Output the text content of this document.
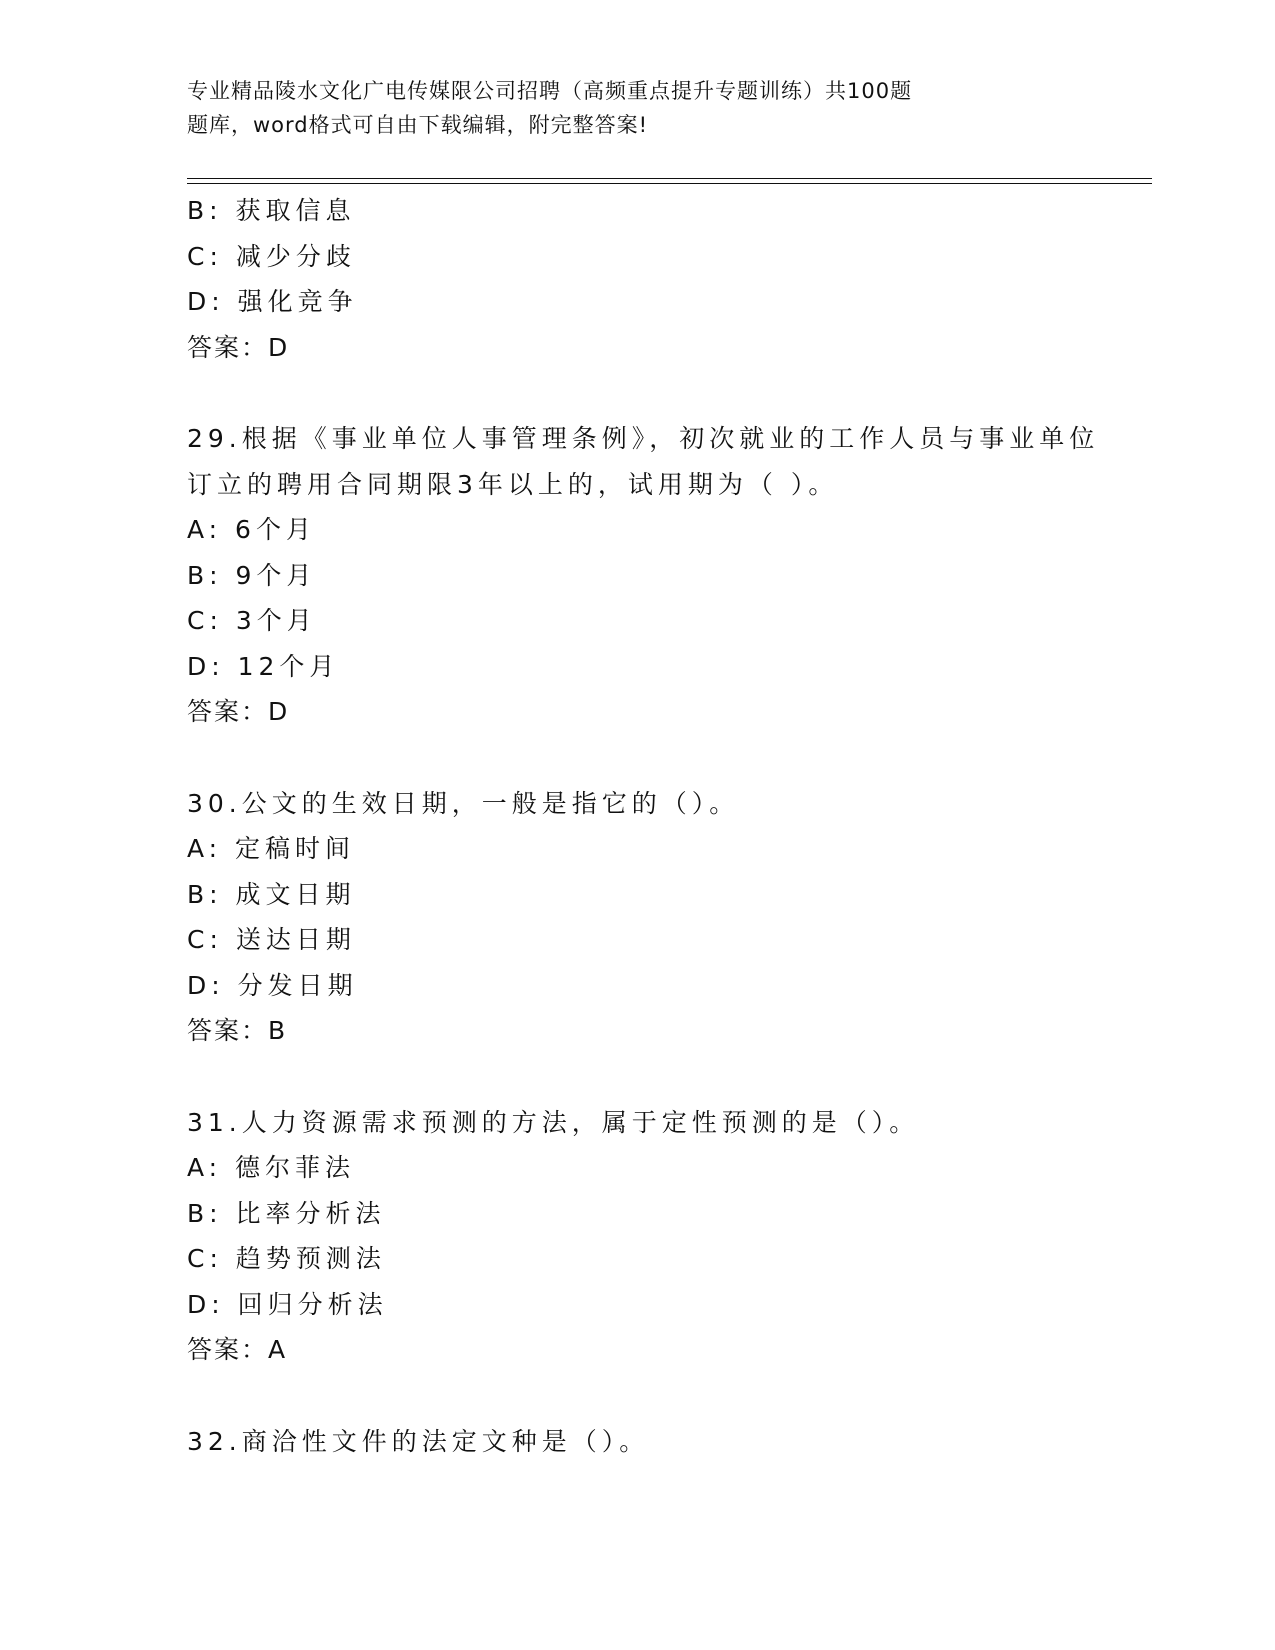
专业精品陵水文化广电传媒限公司招聘（高频重点提升专题训练）共100题
题库，word格式可自由下载编辑，附完整答案!
B: 获取信息
C: 减少分歧
D: 强化竞争
答案：D
29.根据《事业单位人事管理条例》，初次就业的工作人员与事业单位
订立的聘用合同期限3年以上的，试用期为（ ）。
A: 6个月
B: 9个月
C: 3个月
D: 12个月
答案：D
30.公文的生效日期，一般是指它的（）。
A: 定稿时间
B: 成文日期
C: 送达日期
D: 分发日期
答案：B
31.人力资源需求预测的方法，属于定性预测的是（）。
A: 德尔菲法
B: 比率分析法
C: 趋势预测法
D: 回归分析法
答案：A
32.商洽性文件的法定文种是（）。
